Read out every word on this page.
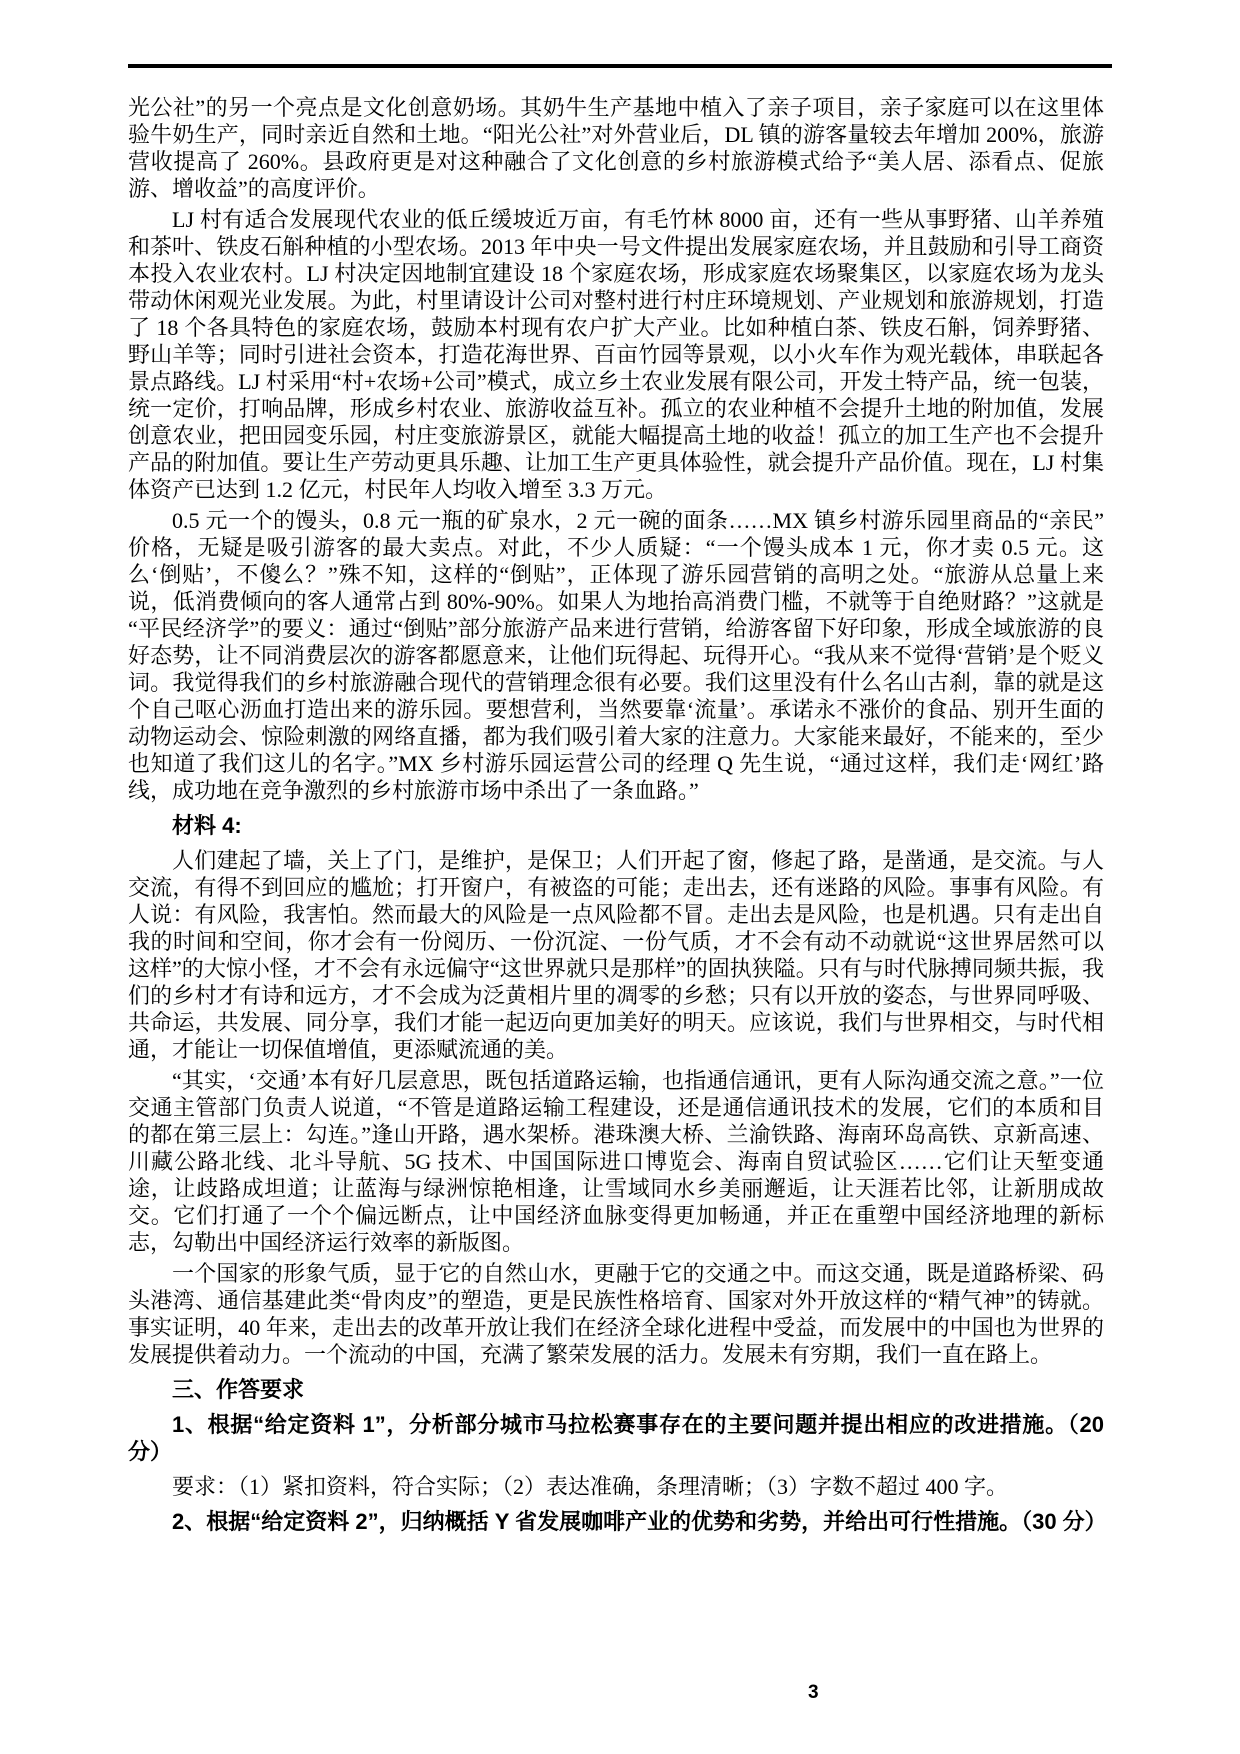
光公社”的另一个亮点是文化创意奶场。其奶牛生产基地中植入了亲子项目，亲子家庭可以在这里体验牛奶生产，同时亲近自然和土地。“阳光公社”对外营业后，DL 镇的游客量较去年增加 200%，旅游营收提高了 260%。县政府更是对这种融合了文化创意的乡村旅游模式给予“美人居、添看点、促旅游、增收益”的高度评价。
LJ 村有适合发展现代农业的低丘缓坡近万亩，有毛竹林 8000 亩，还有一些从事野猪、山羊养殖和茶叶、铁皮石斛种植的小型农场。2013 年中央一号文件提出发展家庭农场，并且鼓励和引导工商资本投入农业农村。LJ 村决定因地制宜建设 18 个家庭农场，形成家庭农场聚集区，以家庭农场为龙头带动休闲观光业发展。为此，村里请设计公司对整村进行村庄环境规划、产业规划和旅游规划，打造了 18 个各具特色的家庭农场，鼓励本村现有农户扩大产业。比如种植白茶、铁皮石斛，饲养野猪、野山羊等；同时引进社会资本，打造花海世界、百亩竹园等景观，以小火车作为观光载体，串联起各景点路线。LJ 村采用“村+农场+公司”模式，成立乡土农业发展有限公司，开发土特产品，统一包装，统一定价，打响品牌，形成乡村农业、旅游收益互补。孤立的农业种植不会提升土地的附加值，发展创意农业，把田园变乐园，村庄变旅游景区，就能大幅提高土地的收益！孤立的加工生产也不会提升产品的附加值。要让生产劳动更具乐趣、让加工生产更具体验性，就会提升产品价值。现在，LJ 村集体资产已达到 1.2 亿元，村民年人均收入增至 3.3 万元。
0.5 元一个的馒头，0.8 元一瓶的矿泉水，2 元一碗的面条……MX 镇乡村游乐园里商品的“亲民”价格，无疑是吸引游客的最大卖点。对此，不少人质疑：“一个馒头成本 1 元，你才卖 0.5 元。这么‘倒贴’，不傻么？”殊不知，这样的“倒贴”，正体现了游乐园营销的高明之处。“旅游从总量上来说，低消费倾向的客人通常占到 80%-90%。如果人为地抬高消费门槛，不就等于自绝财路？”这就是“平民经济学”的要义：通过“倒贴”部分旅游产品来进行营销，给游客留下好印象，形成全域旅游的良好态势，让不同消费层次的游客都愿意来，让他们玩得起、玩得开心。“我从来不觉得‘营销’是个贬义词。我觉得我们的乡村旅游融合现代的营销理念很有必要。我们这里没有什么名山古刹，靠的就是这个自己呕心沥血打造出来的游乐园。要想营利，当然要靠‘流量’。承诺永不涨价的食品、别开生面的动物运动会、惊险刺激的网络直播，都为我们吸引着大家的注意力。大家能来最好，不能来的，至少也知道了我们这儿的名字。”MX 乡村游乐园运营公司的经理 Q 先生说，“通过这样，我们走‘网红’路线，成功地在竞争激烈的乡村旅游市场中杀出了一条血路。”
材料 4:
人们建起了墙，关上了门，是维护，是保卫；人们开起了窗，修起了路，是凿通，是交流。与人交流，有得不到回应的尴尬；打开窗户，有被盗的可能；走出去，还有迷路的风险。事事有风险。有人说：有风险，我害怕。然而最大的风险是一点风险都不冒。走出去是风险，也是机遇。只有走出自我的时间和空间，你才会有一份阅历、一份沉淀、一份气质，才不会有动不动就说“这世界居然可以这样”的大惊小怪，才不会有永远偏守“这世界就只是那样”的固执狭隘。只有与时代脉搏同频共振，我们的乡村才有诗和远方，才不会成为泛黄相片里的凋零的乡愁；只有以开放的姿态，与世界同呼吸、共命运，共发展、同分享，我们才能一起迈向更加美好的明天。应该说，我们与世界相交，与时代相通，才能让一切保值增值，更添赋流通的美。
“其实，‘交通’本有好几层意思，既包括道路运输，也指通信通讯，更有人际沟通交流之意。”一位交通主管部门负责人说道，“不管是道路运输工程建设，还是通信通讯技术的发展，它们的本质和目的都在第三层上：勾连。”逢山开路，遇水架桥。港珠澳大桥、兰渝铁路、海南环岛高铁、京新高速、川藏公路北线、北斗导航、5G 技术、中国国际进口博览会、海南自贸试验区……它们让天堑变通途，让歧路成坦道；让蓝海与绿洲惊艳相逢，让雪域同水乡美丽邂逅，让天涯若比邻，让新朋成故交。它们打通了一个个偏远断点，让中国经济血脉变得更加畅通，并正在重塑中国经济地理的新标志，勾勒出中国经济运行效率的新版图。
一个国家的形象气质，显于它的自然山水，更融于它的交通之中。而这交通，既是道路桥梁、码头港湾、通信基建此类“骨肉皮”的塑造，更是民族性格培育、国家对外开放这样的“精气神”的铸就。事实证明，40 年来，走出去的改革开放让我们在经济全球化进程中受益，而发展中的中国也为世界的发展提供着动力。一个流动的中国，充满了繁荣发展的活力。发展未有穷期，我们一直在路上。
三、作答要求
1、根据“给定资料 1”，分析部分城市马拉松赛事存在的主要问题并提出相应的改进措施。（20 分）
要求：（1）紧扣资料，符合实际；（2）表达准确，条理清晰；（3）字数不超过 400 字。
2、根据“给定资料 2”，归纳概括 Y 省发展咖啡产业的优势和劣势，并给出可行性措施。（30 分）
3
